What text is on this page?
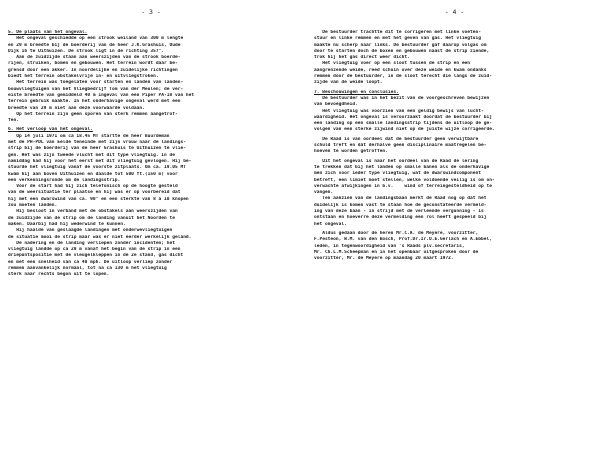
- 3 -
5. De plaats van het ongeval.
Het ongeval geschiedde op een strook weiland van 300 m lengte
en 29 m breedte bij de boerderij van de heer J.K.Grashuis, Oude
Dijk 16 te Uithuizen. De strook ligt in de richting 357°.
Aan de zuidzijde staan aan weerszijden van de strook boerde-
rijen, struiken, bomen en gebouwen. Het terrein wordt daar be-
grensd door een akker. In noordelijke en zuidelijke richtingen
biedt het terrein obstakelvrije in- en uitvliegstroken.
Het terrein was toegelaten voor starten en landen van landen-
bouwvliegtuigen van het Vliegbedrijf Tom van der Meulen; de ver-
eiste breedte van gemiddeld 40 m ingeval van een Piper PA-18 van het
terrein gebruik maakte. In het onderhavige ongeval werd met een
breedte van 29 m niet aan deze voorwaarde voldaan.
Op het terrein zijn geen sporen van sterk remmen aangetrof-
fen.
6. Het verloop van het ongeval.
Op 14 juli 1971 om ca 18.45 MT startte de heer Buurdeman
met de PH-PDL van Eelde teneinde met zijn vrouw naar de landings-
strip bij de boerderij van de heer Grashuis te Uithuizen te vlie-
gen. Het was zijn tweede vlucht met dit type vliegtuig. In de
namiddag had hij voor het eerst met dit vliegtuig gevlogen. Hij be-
stuurde het vliegtuig vanaf de voorste zitplaats. Om ca. 19.05 MT
kwam hij aan boven Uithuizen en daalde tot 500 ft.(150 m) voor
een verkenningsronde om de landingsstrip.
Vóór de start had hij zich telefonisch op de hoogte gesteld
van de weersituatie ter plaatse en hij was er op voorbereid dat
hij met een dwarswind van ca. 90° en een sterkte van 8 à 10 knopen
zou moeten landen.
Hij besloot in verband met de obstakels aan weerszijden van
de zuidzijde van de strip om de landing vanuit het Noorden te
maken. Daarbij had hij wederwind te kunnen.
Hij haalde van geslaagde landingen met onderwevliegtuigen
de situatie mooi de strip maar was er niet eerder werkelijk geland.
De nadering en de landing verliepen zonder incidenten; het
vliegtuig landde op ca 20 m vanaf het begin van de strip in een
driepuntspositie met de vleugelkleppen in de 2e stand, gas dicht
en met een snelheid van ca 40 mph. De uitloop verliep zonder
remmen aanvankelijk normaal, tot na ca 130 m het vliegtuig
sterk naar rechts begon uit te lopen.
- 4 -
De bestuurder trachtte dit te corrigeren met linke voeten-
stuur en linke remmen en met het geven van gas. Het vliegtuig
maakte nu scherp naar links. De bestuurder gaf daarop volgas om
door te starten doch de boxen en gebouwen naast de strip ziende,
trok hij het gas direct weer dicht.
Het vliegtuig voer op een sloot tussen de strip en een
aangrenzende weide, reed schuin over deze weide en kwam ondanks
remmen door de bestuurder, in de sloot terecht die langs de zuid-
zijde van de weide loopt.
7. Beschouwingen en conclusies.
De bestuurder was in het bezit van de voorgeschreven bewijzen
van bevoegdheid.
Het vliegtuig was voorzien van een geldig bewijs van lucht-
waardigheid. Het ongeval is veroorzaakt doordat de bestuurder bij
een landing op een smalle landingsstrip tijdens de uitloop de ge-
volgen van een sterke zijwind niet op de juiste wijze corrigeerde.
De Raad is van oordeel dat de bestuurder geen verwijtbare
schuld treft en dat derhalve geen disciplinaire maatregelen be-
hoeven te worden getroffen.
Uit het ongeval is naar het oordeel van de Raad de lering
te trekken dat bij het landen op smalle banen als de onderhavige
men zich voor ieder type vliegtuig, wat de dwarswindcomponent
betreft, een limiet moet stellen, welke voldoende veilig is om on-
verwachte afwijkingen in b.v.    wind of terreingesteldheid op te
vangen.
Ten aanzien van de landingsbaan merkt de Raad nog op dat het
duidelijk is komen vast te staan hoe de geconstateerde vermeld-
ing van deze baan - in strijd met de verleende vergunning - is
ontstaan en hoeverre deze vermelding een rol heeft gespeeld bij
het ongeval.
Aldus gedaan door de heren Mr.C.A. de Meyere, voorzitter,
F.Pesteon, W.M. van den Bosch, Prof.Dr.Ir.O.E.Gerlach en A.Ebbel,
leden, in tegenwoordigheid van 's Raads plv.secretaris,
Mr. Ch.L.M.Scheepman en in het openbaar uitgesproken door de
voorzitter, Mr. de Meyere op maandag 20 maart 1972.
